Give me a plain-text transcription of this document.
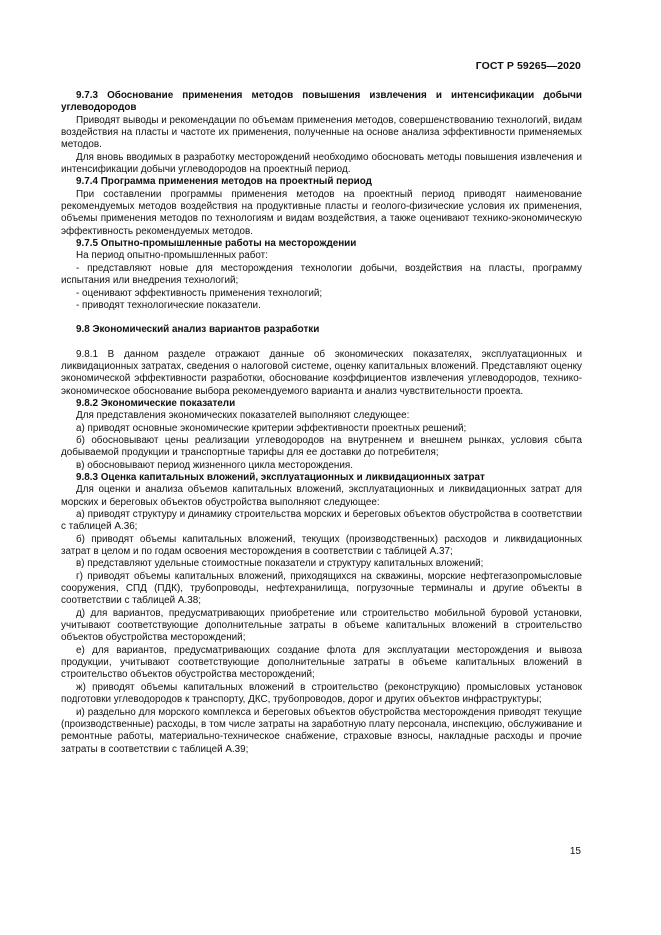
ГОСТ Р 59265—2020

9.7.3 Обоснование применения методов повышения извлечения и интенсификации добычи углеводородов

Приводят выводы и рекомендации по объемам применения методов, совершенствованию технологий, видам воздействия на пласты и частоте их применения, полученные на основе анализа эффективности применяемых методов.

Для вновь вводимых в разработку месторождений необходимо обосновать методы повышения извлечения и интенсификации добычи углеводородов на проектный период.

9.7.4 Программа применения методов на проектный период

При составлении программы применения методов на проектный период приводят наименование рекомендуемых методов воздействия на продуктивные пласты и геолого-физические условия их применения, объемы применения методов по технологиям и видам воздействия, а также оценивают технико-экономическую эффективность рекомендуемых методов.

9.7.5 Опытно-промышленные работы на месторождении

На период опытно-промышленных работ:

- представляют новые для месторождения технологии добычи, воздействия на пласты, программу испытания или внедрения технологий;

- оценивают эффективность применения технологий;

- приводят технологические показатели.

9.8 Экономический анализ вариантов разработки

9.8.1 В данном разделе отражают данные об экономических показателях, эксплуатационных и ликвидационных затратах, сведения о налоговой системе, оценку капитальных вложений. Представляют оценку экономической эффективности разработки, обоснование коэффициентов извлечения углеводородов, технико-экономическое обоснование выбора рекомендуемого варианта и анализ чувствительности проекта.

9.8.2 Экономические показатели

Для представления экономических показателей выполняют следующее:

а) приводят основные экономические критерии эффективности проектных решений;

б) обосновывают цены реализации углеводородов на внутреннем и внешнем рынках, условия сбыта добываемой продукции и транспортные тарифы для ее доставки до потребителя;

в) обосновывают период жизненного цикла месторождения.

9.8.3 Оценка капитальных вложений, эксплуатационных и ликвидационных затрат

Для оценки и анализа объемов капитальных вложений, эксплуатационных и ликвидационных затрат для морских и береговых объектов обустройства выполняют следующее:

а) приводят структуру и динамику строительства морских и береговых объектов обустройства в соответствии с таблицей А.36;

б) приводят объемы капитальных вложений, текущих (производственных) расходов и ликвидационных затрат в целом и по годам освоения месторождения в соответствии с таблицей А.37;

в) представляют удельные стоимостные показатели и структуру капитальных вложений;

г) приводят объемы капитальных вложений, приходящихся на скважины, морские нефтегазопромысловые сооружения, СПД (ПДК), трубопроводы, нефтехранилища, погрузочные терминалы и другие объекты в соответствии с таблицей А.38;

д) для вариантов, предусматривающих приобретение или строительство мобильной буровой установки, учитывают соответствующие дополнительные затраты в объеме капитальных вложений в строительство объектов обустройства месторождений;

е) для вариантов, предусматривающих создание флота для эксплуатации месторождения и вывоза продукции, учитывают соответствующие дополнительные затраты в объеме капитальных вложений в строительство объектов обустройства месторождений;

ж) приводят объемы капитальных вложений в строительство (реконструкцию) промысловых установок подготовки углеводородов к транспорту, ДКС, трубопроводов, дорог и других объектов инфраструктуры;

и) раздельно для морского комплекса и береговых объектов обустройства месторождения приводят текущие (производственные) расходы, в том числе затраты на заработную плату персонала, инспекцию, обслуживание и ремонтные работы, материально-техническое снабжение, страховые взносы, накладные расходы и прочие затраты в соответствии с таблицей А.39;

15
